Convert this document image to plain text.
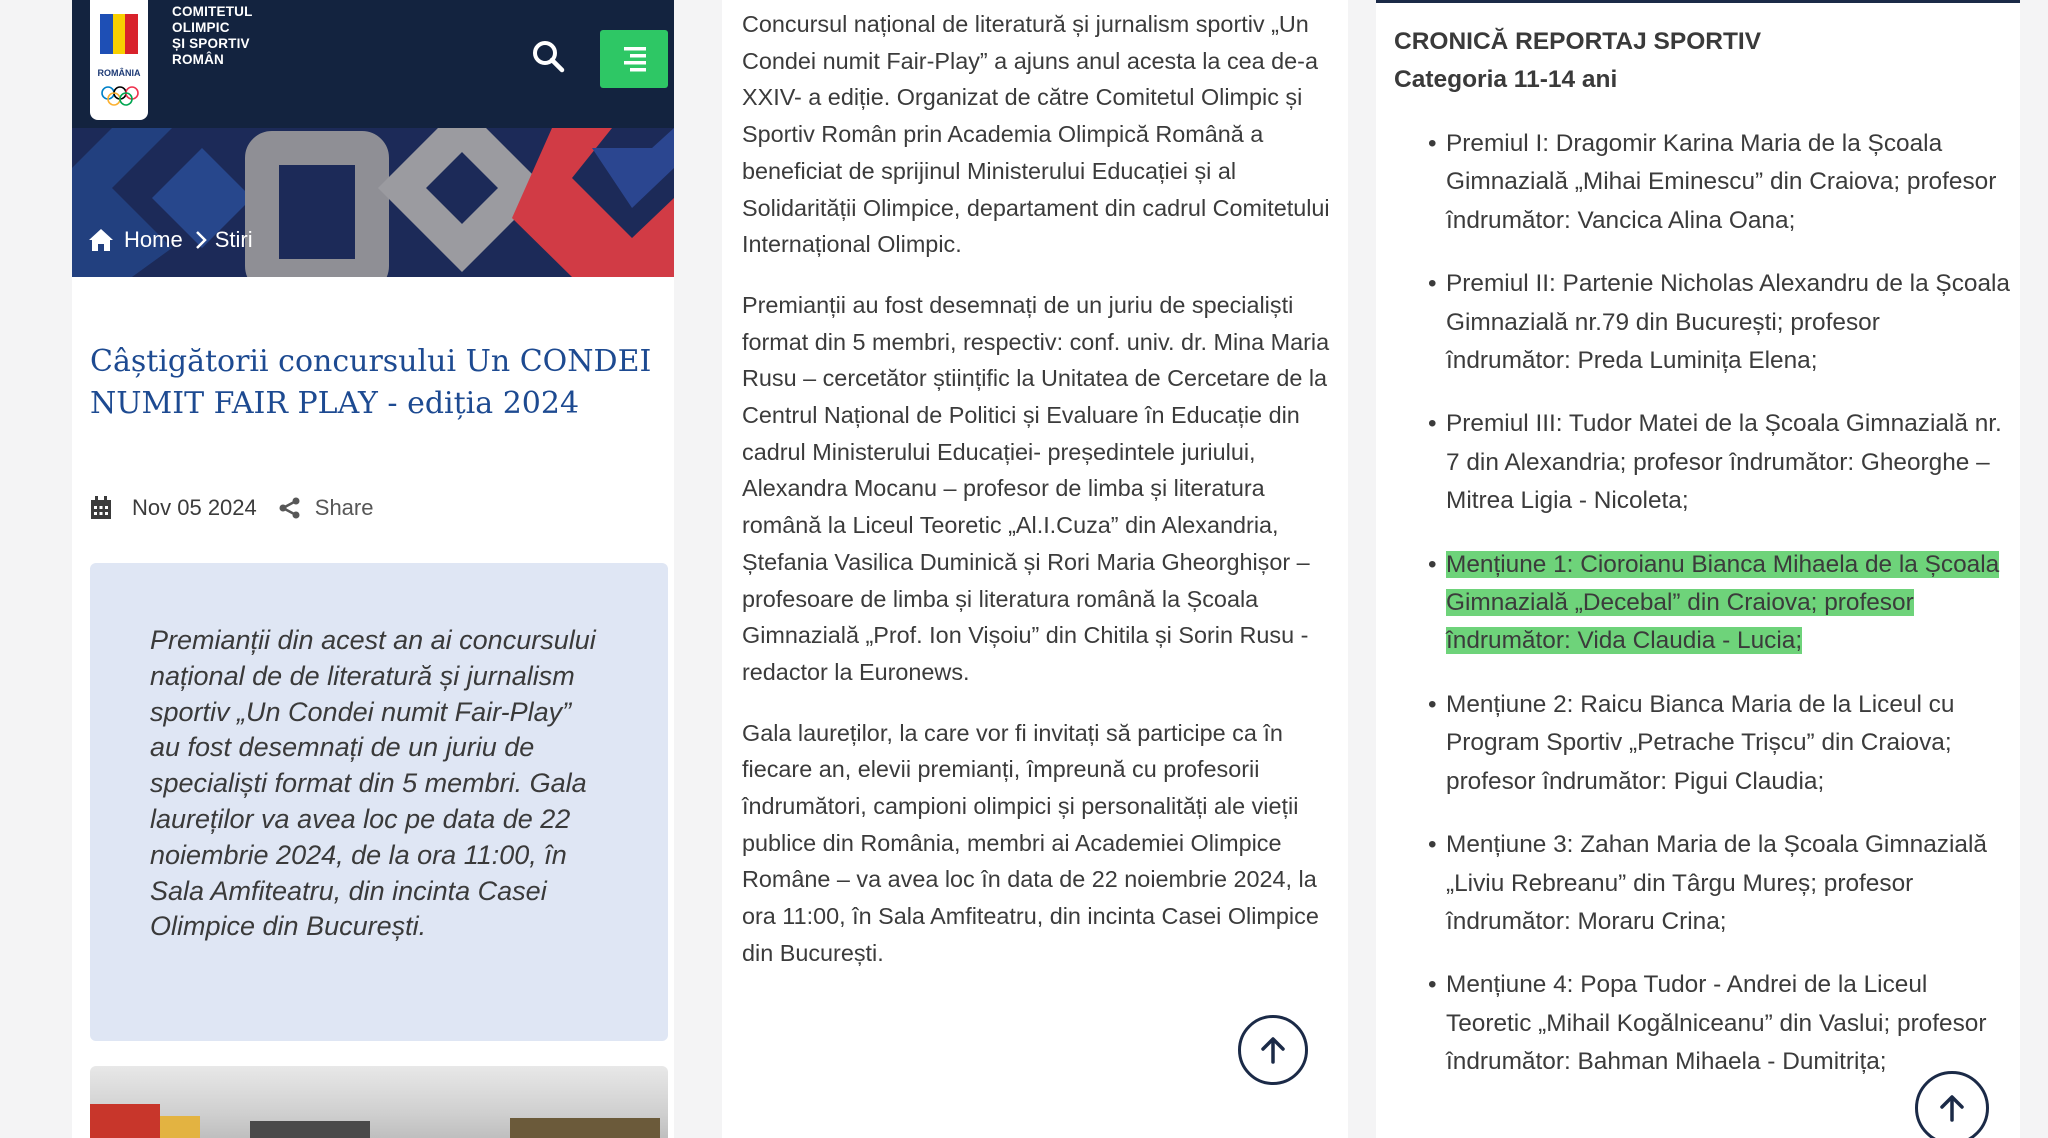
ROMÂNIA
COMITETUL
OLIMPIC
ȘI SPORTIV
ROMÂN
Home Stiri
Câștigătorii concursului Un CONDEI NUMIT FAIR PLAY - ediția 2024
Nov 05 2024	Share

Premianții din acest an ai concursului național de de literatură și jurnalism sportiv „Un Condei numit Fair-Play” au fost desemnați de un juriu de specialiști format din 5 membri. Gala laureților va avea loc pe data de 22 noiembrie 2024, de la ora 11:00, în Sala Amfiteatru, din incinta Casei Olimpice din București.

Concursul național de literatură și jurnalism sportiv „Un Condei numit Fair-Play” a ajuns anul acesta la cea de-a XXIV- a ediție. Organizat de către Comitetul Olimpic și Sportiv Român prin Academia Olimpică Română a beneficiat de sprijinul Ministerului Educației și al Solidarității Olimpice, departament din cadrul Comitetului Internațional Olimpic.

Premianții au fost desemnați de un juriu de specialiști format din 5 membri, respectiv: conf. univ. dr. Mina Maria Rusu – cercetător științific la Unitatea de Cercetare de la Centrul Național de Politici și Evaluare în Educație din cadrul Ministerului Educației- președintele juriului, Alexandra Mocanu – profesor de limba și literatura română la Liceul Teoretic „Al.I.Cuza” din Alexandria, Ștefania Vasilica Duminică și Rori Maria Gheorghișor – profesoare de limba și literatura română la Școala Gimnazială „Prof. Ion Vișoiu” din Chitila și Sorin Rusu - redactor la Euronews.

Gala laureților, la care vor fi invitați să participe ca în fiecare an, elevii premianți, împreună cu profesorii îndrumători, campioni olimpici și personalități ale vieții publice din România, membri ai Academiei Olimpice Române – va avea loc în data de 22 noiembrie 2024, la ora 11:00, în Sala Amfiteatru, din incinta Casei Olimpice din București.

CRONICĂ REPORTAJ SPORTIV
Categoria 11-14 ani
• Premiul I: Dragomir Karina Maria de la Școala Gimnazială „Mihai Eminescu” din Craiova; profesor îndrumător: Vancica Alina Oana;
• Premiul II: Partenie Nicholas Alexandru de la Școala Gimnazială nr.79 din București; profesor îndrumător: Preda Luminița Elena;
• Premiul III: Tudor Matei de la Școala Gimnazială nr. 7 din Alexandria; profesor îndrumător: Gheorghe – Mitrea Ligia - Nicoleta;
• Mențiune 1: Cioroianu Bianca Mihaela de la Școala Gimnazială „Decebal” din Craiova; profesor îndrumător: Vida Claudia - Lucia;
• Mențiune 2: Raicu Bianca Maria de la Liceul cu Program Sportiv „Petrache Trișcu” din Craiova; profesor îndrumător: Pigui Claudia;
• Mențiune 3: Zahan Maria de la Școala Gimnazială „Liviu Rebreanu” din Târgu Mureș; profesor îndrumător: Moraru Crina;
• Mențiune 4: Popa Tudor - Andrei de la Liceul Teoretic „Mihail Kogălniceanu” din Vaslui; profesor îndrumător: Bahman Mihaela - Dumitrița;
